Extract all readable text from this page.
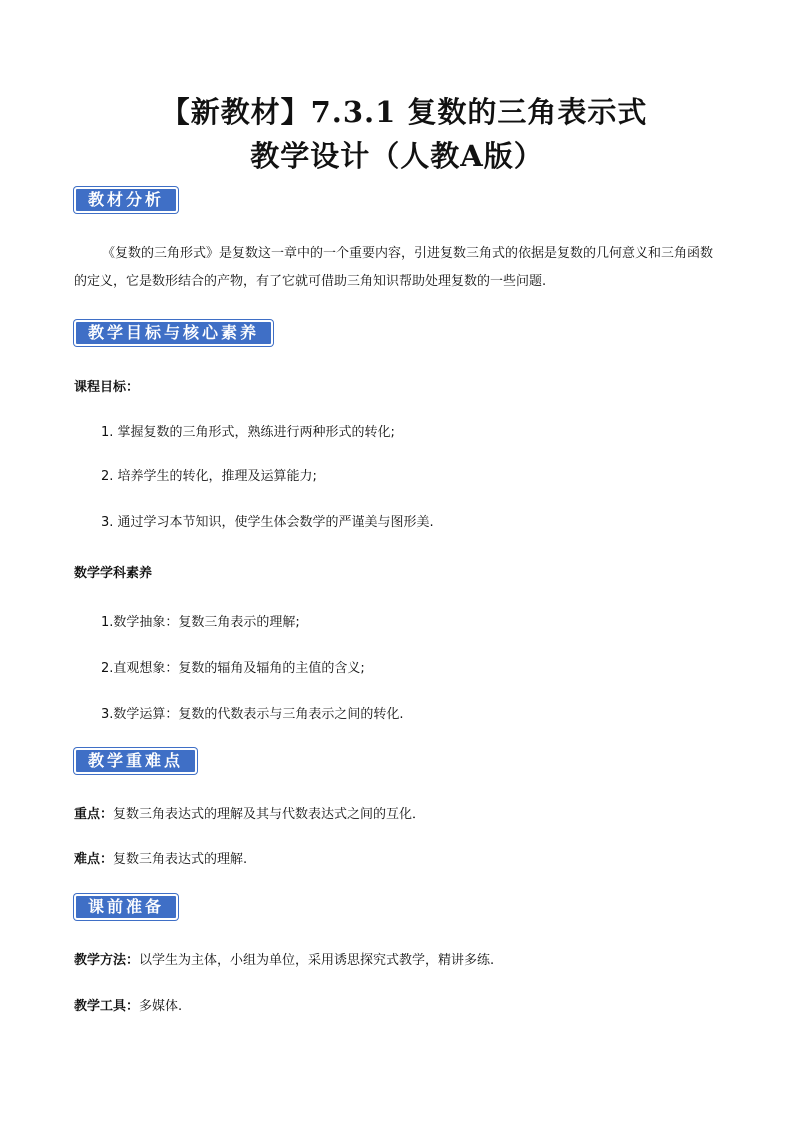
【新教材】7.3.1 复数的三角表示式
教学设计（人教A版）
教材分析
《复数的三角形式》是复数这一章中的一个重要内容，引进复数三角式的依据是复数的几何意义和三角函数的定义，它是数形结合的产物，有了它就可借助三角知识帮助处理复数的一些问题.
教学目标与核心素养
课程目标：
1. 掌握复数的三角形式，熟练进行两种形式的转化;
2. 培养学生的转化，推理及运算能力;
3. 通过学习本节知识，使学生体会数学的严谨美与图形美.
数学学科素养
1.数学抽象：复数三角表示的理解;
2.直观想象：复数的辐角及辐角的主值的含义;
3.数学运算：复数的代数表示与三角表示之间的转化.
教学重难点
重点：复数三角表达式的理解及其与代数表达式之间的互化．
难点：复数三角表达式的理解.
课前准备
教学方法：以学生为主体，小组为单位，采用诱思探究式教学，精讲多练.
教学工具：多媒体.
